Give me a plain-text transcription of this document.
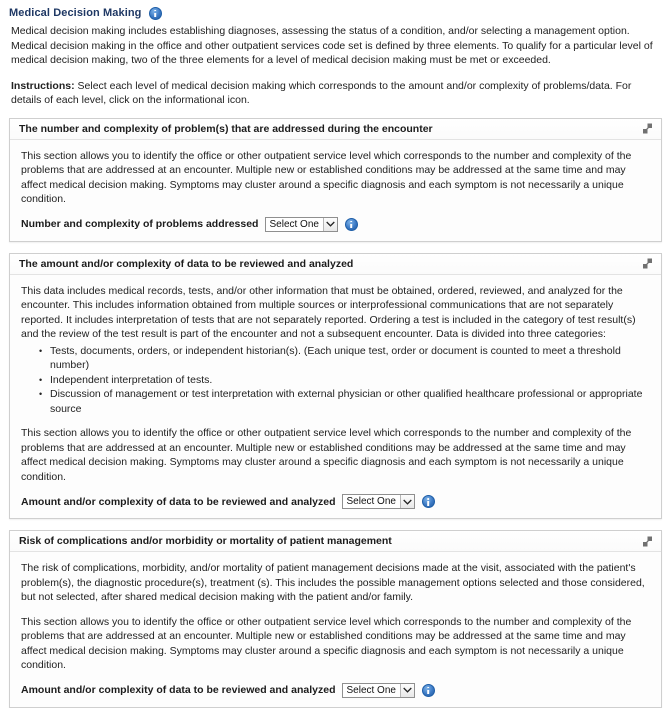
Medical Decision Making

Medical decision making includes establishing diagnoses, assessing the status of a condition, and/or selecting a management option. Medical decision making in the office and other outpatient services code set is defined by three elements. To qualify for a particular level of medical decision making, two of the three elements for a level of medical decision making must be met or exceeded.

Instructions: Select each level of medical decision making which corresponds to the amount and/or complexity of problems/data. For details of each level, click on the informational icon.

The number and complexity of problem(s) that are addressed during the encounter

This section allows you to identify the office or other outpatient service level which corresponds to the number and complexity of the problems that are addressed at an encounter. Multiple new or established conditions may be addressed at the same time and may affect medical decision making. Symptoms may cluster around a specific diagnosis and each symptom is not necessarily a unique condition.

Number and complexity of problems addressed	Select One
The amount and/or complexity of data to be reviewed and analyzed

This data includes medical records, tests, and/or other information that must be obtained, ordered, reviewed, and analyzed for the encounter. This includes information obtained from multiple sources or interprofessional communications that are not separately reported. It includes interpretation of tests that are not separately reported. Ordering a test is included in the category of test result(s) and the review of the test result is part of the encounter and not a subsequent encounter. Data is divided into three categories:

• Tests, documents, orders, or independent historian(s). (Each unique test, order or document is counted to meet a threshold number)
• Independent interpretation of tests.
• Discussion of management or test interpretation with external physician or other qualified healthcare professional or appropriate source

This section allows you to identify the office or other outpatient service level which corresponds to the number and complexity of the problems that are addressed at an encounter. Multiple new or established conditions may be addressed at the same time and may affect medical decision making. Symptoms may cluster around a specific diagnosis and each symptom is not necessarily a unique condition.

Amount and/or complexity of data to be reviewed and analyzed	Select One
Risk of complications and/or morbidity or mortality of patient management

The risk of complications, morbidity, and/or mortality of patient management decisions made at the visit, associated with the patient's problem(s), the diagnostic procedure(s), treatment (s). This includes the possible management options selected and those considered, but not selected, after shared medical decision making with the patient and/or family.

This section allows you to identify the office or other outpatient service level which corresponds to the number and complexity of the problems that are addressed at an encounter. Multiple new or established conditions may be addressed at the same time and may affect medical decision making. Symptoms may cluster around a specific diagnosis and each symptom is not necessarily a unique condition.

Amount and/or complexity of data to be reviewed and analyzed	Select One
